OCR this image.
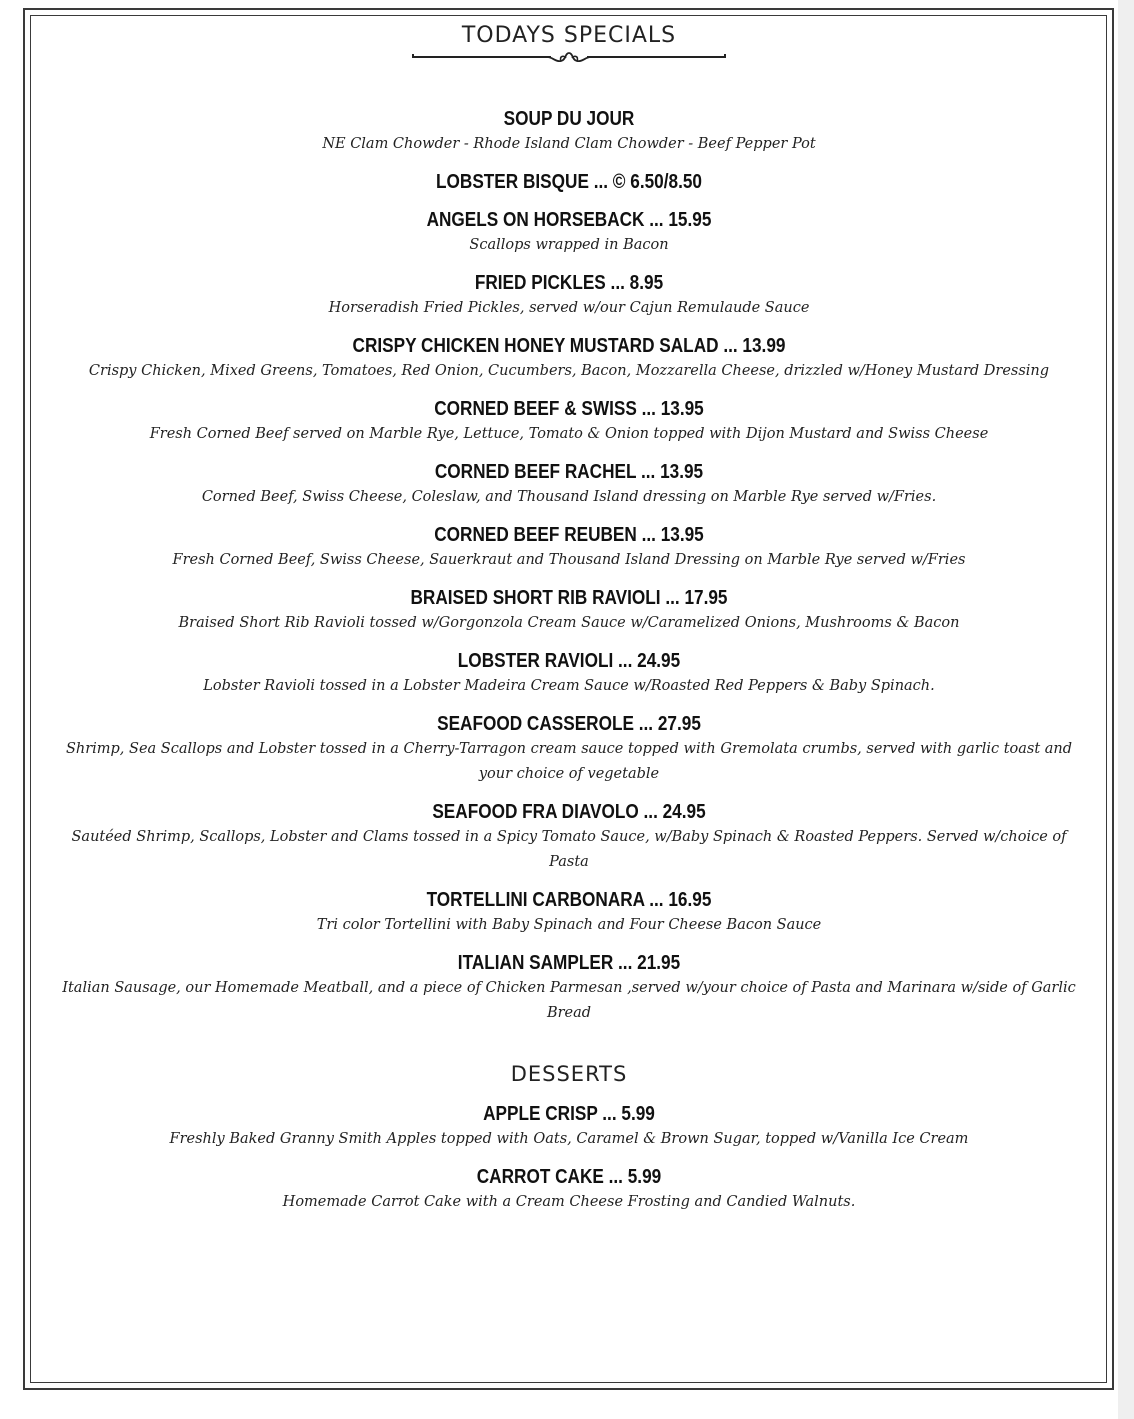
TODAYS SPECIALS
SOUP DU JOUR
NE Clam Chowder - Rhode Island Clam Chowder - Beef Pepper Pot
LOBSTER BISQUE ... © 6.50/8.50
ANGELS ON HORSEBACK ... 15.95
Scallops wrapped in Bacon
FRIED PICKLES ... 8.95
Horseradish Fried Pickles, served w/our Cajun Remulaude Sauce
CRISPY CHICKEN HONEY MUSTARD SALAD ... 13.99
Crispy Chicken, Mixed Greens, Tomatoes, Red Onion, Cucumbers, Bacon, Mozzarella Cheese, drizzled w/Honey Mustard Dressing
CORNED BEEF & SWISS ... 13.95
Fresh Corned Beef served on Marble Rye, Lettuce, Tomato & Onion topped with Dijon Mustard and Swiss Cheese
CORNED BEEF RACHEL ... 13.95
Corned Beef, Swiss Cheese, Coleslaw, and Thousand Island dressing on Marble Rye served w/Fries.
CORNED BEEF REUBEN ... 13.95
Fresh Corned Beef, Swiss Cheese, Sauerkraut and Thousand Island Dressing on Marble Rye served w/Fries
BRAISED SHORT RIB RAVIOLI ... 17.95
Braised Short Rib Ravioli tossed w/Gorgonzola Cream Sauce w/Caramelized Onions, Mushrooms & Bacon
LOBSTER RAVIOLI ... 24.95
Lobster Ravioli tossed in a Lobster Madeira Cream Sauce w/Roasted Red Peppers & Baby Spinach.
SEAFOOD CASSEROLE ... 27.95
Shrimp, Sea Scallops and Lobster tossed in a Cherry-Tarragon cream sauce topped with Gremolata crumbs, served with garlic toast and your choice of vegetable
SEAFOOD FRA DIAVOLO ... 24.95
Sautéed Shrimp, Scallops, Lobster and Clams tossed in a Spicy Tomato Sauce, w/Baby Spinach & Roasted Peppers. Served w/choice of Pasta
TORTELLINI CARBONARA ... 16.95
Tri color Tortellini with Baby Spinach and Four Cheese Bacon Sauce
ITALIAN SAMPLER ... 21.95
Italian Sausage, our Homemade Meatball, and a piece of Chicken Parmesan ,served w/your choice of Pasta and Marinara w/side of Garlic Bread
DESSERTS
APPLE CRISP ... 5.99
Freshly Baked Granny Smith Apples topped with Oats, Caramel & Brown Sugar, topped w/Vanilla Ice Cream
CARROT CAKE ... 5.99
Homemade Carrot Cake with a Cream Cheese Frosting and Candied Walnuts.
